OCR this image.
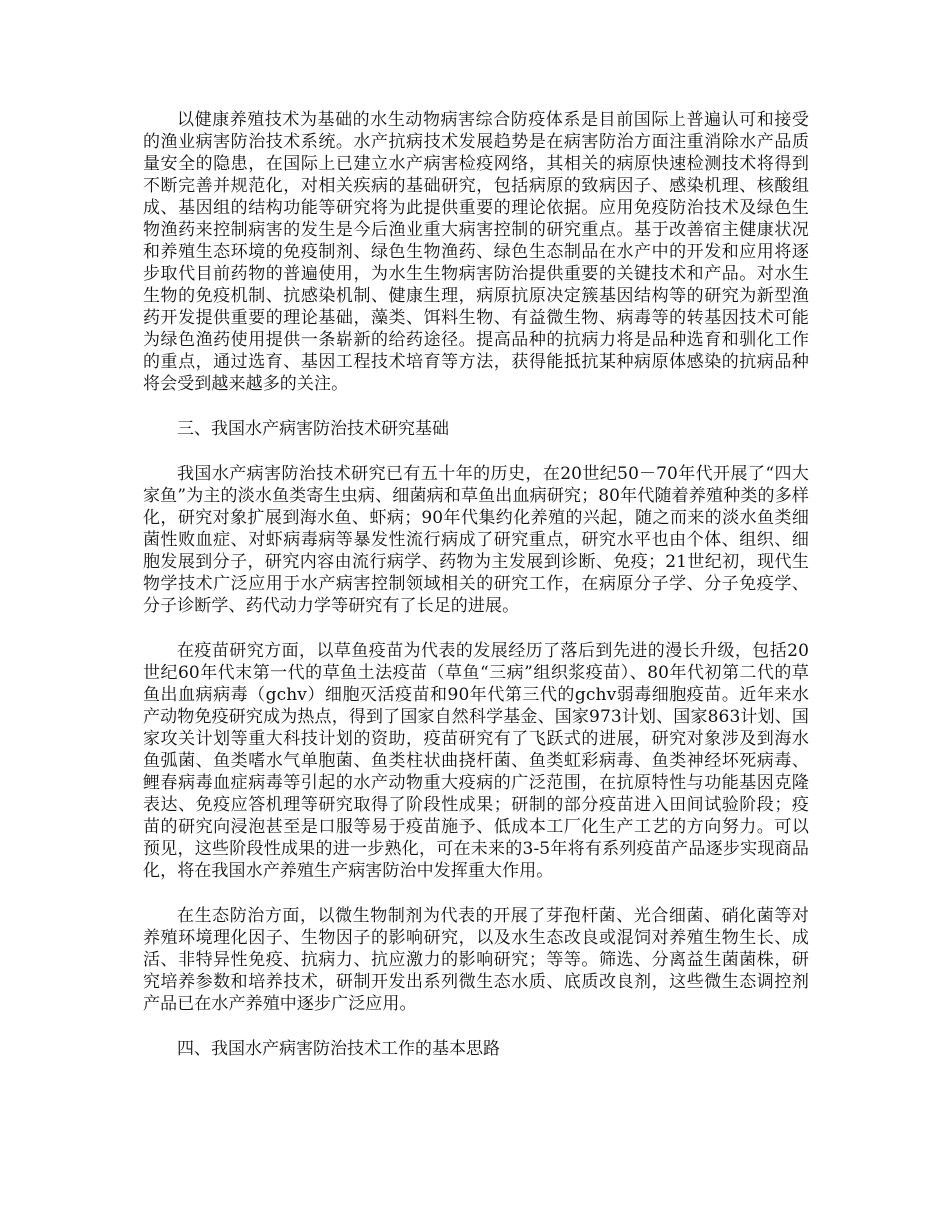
以健康养殖技术为基础的水生动物病害综合防疫体系是目前国际上普遍认可和接受的渔业病害防治技术系统。水产抗病技术发展趋势是在病害防治方面注重消除水产品质量安全的隐患，在国际上已建立水产病害检疫网络，其相关的病原快速检测技术将得到不断完善并规范化，对相关疾病的基础研究，包括病原的致病因子、感染机理、核酸组成、基因组的结构功能等研究将为此提供重要的理论依据。应用免疫防治技术及绿色生物渔药来控制病害的发生是今后渔业重大病害控制的研究重点。基于改善宿主健康状况和养殖生态环境的免疫制剂、绿色生物渔药、绿色生态制品在水产中的开发和应用将逐步取代目前药物的普遍使用，为水生生物病害防治提供重要的关键技术和产品。对水生生物的免疫机制、抗感染机制、健康生理，病原抗原决定簇基因结构等的研究为新型渔药开发提供重要的理论基础，藻类、饵料生物、有益微生物、病毒等的转基因技术可能为绿色渔药使用提供一条崭新的给药途径。提高品种的抗病力将是品种选育和驯化工作的重点，通过选育、基因工程技术培育等方法，获得能抵抗某种病原体感染的抗病品种将会受到越来越多的关注。

三、我国水产病害防治技术研究基础

我国水产病害防治技术研究已有五十年的历史，在20世纪50－70年代开展了“四大家鱼”为主的淡水鱼类寄生虫病、细菌病和草鱼出血病研究；80年代随着养殖种类的多样化，研究对象扩展到海水鱼、虾病；90年代集约化养殖的兴起，随之而来的淡水鱼类细菌性败血症、对虾病毒病等暴发性流行病成了研究重点，研究水平也由个体、组织、细胞发展到分子，研究内容由流行病学、药物为主发展到诊断、免疫；21世纪初，现代生物学技术广泛应用于水产病害控制领域相关的研究工作，在病原分子学、分子免疫学、分子诊断学、药代动力学等研究有了长足的进展。

在疫苗研究方面，以草鱼疫苗为代表的发展经历了落后到先进的漫长升级，包括20世纪60年代末第一代的草鱼土法疫苗（草鱼“三病”组织浆疫苗）、80年代初第二代的草鱼出血病病毒（gchv）细胞灭活疫苗和90年代第三代的gchv弱毒细胞疫苗。近年来水产动物免疫研究成为热点，得到了国家自然科学基金、国家973计划、国家863计划、国家攻关计划等重大科技计划的资助，疫苗研究有了飞跃式的进展，研究对象涉及到海水鱼弧菌、鱼类嗜水气单胞菌、鱼类柱状曲挠杆菌、鱼类虹彩病毒、鱼类神经坏死病毒、鲤春病毒血症病毒等引起的水产动物重大疫病的广泛范围，在抗原特性与功能基因克隆表达、免疫应答机理等研究取得了阶段性成果；研制的部分疫苗进入田间试验阶段；疫苗的研究向浸泡甚至是口服等易于疫苗施予、低成本工厂化生产工艺的方向努力。可以预见，这些阶段性成果的进一步熟化，可在未来的3-5年将有系列疫苗产品逐步实现商品化，将在我国水产养殖生产病害防治中发挥重大作用。

在生态防治方面，以微生物制剂为代表的开展了芽孢杆菌、光合细菌、硝化菌等对养殖环境理化因子、生物因子的影响研究，以及水生态改良或混饲对养殖生物生长、成活、非特异性免疫、抗病力、抗应激力的影响研究；等等。筛选、分离益生菌菌株，研究培养参数和培养技术，研制开发出系列微生态水质、底质改良剂，这些微生态调控剂产品已在水产养殖中逐步广泛应用。

四、我国水产病害防治技术工作的基本思路
